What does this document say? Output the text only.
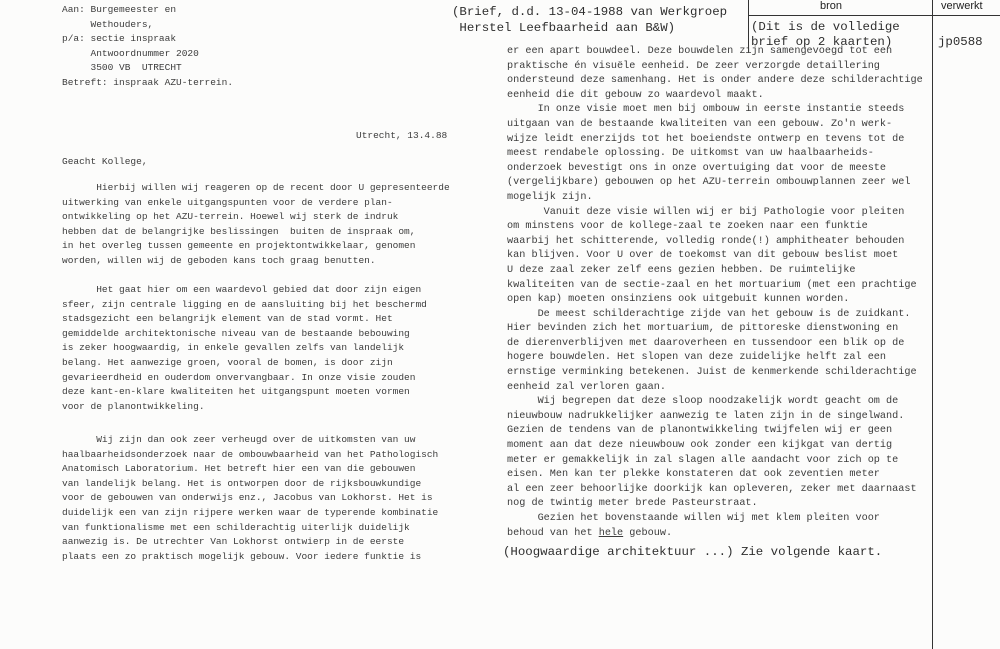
(Brief, d.d. 13-04-1988 van Werkgroep
Herstel Leefbaarheid aan B&W)
bron	verwerkt
(Dit is de volledige
brief op 2 kaarten)	jp0588
Aan: Burgemeester en
Wethouders,
p/a: sectie inspraak
Antwoordnummer 2020
3500 VB  UTRECHT
Betreft: inspraak AZU-terrein.
Utrecht, 13.4.88
Geacht Kollege,
Hierbij willen wij reageren op de recent door U gepresenteerde
uitwerking van enkele uitgangspunten voor de verdere plan-
ontwikkeling op het AZU-terrein. Hoewel wij sterk de indruk
hebben dat de belangrijke beslissingen  buiten de inspraak om,
in het overleg tussen gemeente en projektontwikkelaar, genomen
worden, willen wij de geboden kans toch graag benutten.
Het gaat hier om een waardevol gebied dat door zijn eigen
sfeer, zijn centrale ligging en de aansluiting bij het beschermd
stadsgezicht een belangrijk element van de stad vormt. Het
gemiddelde architektonische niveau van de bestaande bebouwing
is zeker hoogwaardig, in enkele gevallen zelfs van landelijk
belang. Het aanwezige groen, vooral de bomen, is door zijn
gevarieerdheid en ouderdom onvervangbaar. In onze visie zouden
deze kant-en-klare kwaliteiten het uitgangspunt moeten vormen
voor de planontwikkeling.
Wij zijn dan ook zeer verheugd over de uitkomsten van uw
haalbaarheidsonderzoek naar de ombouwbaarheid van het Pathologisch
Anatomisch Laboratorium. Het betreft hier een van die gebouwen
van landelijk belang. Het is ontworpen door de rijksbouwkundige
voor de gebouwen van onderwijs enz., Jacobus van Lokhorst. Het is
duidelijk een van zijn rijpere werken waar de typerende kombinatie
van funktionalisme met een schilderachtig uiterlijk duidelijk
aanwezig is. De utrechter Van Lokhorst ontwierp in de eerste
plaats een zo praktisch mogelijk gebouw. Voor iedere funktie is
er een apart bouwdeel. Deze bouwdelen zijn samengevoegd tot een
praktische én visuële eenheid. De zeer verzorgde detaillering
ondersteund deze samenhang. Het is onder andere deze schilderachtige
eenheid die dit gebouw zo waardevol maakt.
In onze visie moet men bij ombouw in eerste instantie steeds
uitgaan van de bestaande kwaliteiten van een gebouw. Zo'n werk-
wijze leidt enerzijds tot het boeiendste ontwerp en tevens tot de
meest rendabele oplossing. De uitkomst van uw haalbaarheids-
onderzoek bevestigt ons in onze overtuiging dat voor de meeste
(vergelijkbare) gebouwen op het AZU-terrein ombouwplannen zeer wel
mogelijk zijn.
Vanuit deze visie willen wij er bij Pathologie voor pleiten
om minstens voor de kollege-zaal te zoeken naar een funktie
waarbij het schitterende, volledig ronde(!) amphitheater behouden
kan blijven. Voor U over de toekomst van dit gebouw beslist moet
U deze zaal zeker zelf eens gezien hebben. De ruimtelijke
kwaliteiten van de sectie-zaal en het mortuarium (met een prachtige
open kap) moeten onsinziens ook uitgebuit kunnen worden.
De meest schilderachtige zijde van het gebouw is de zuidkant.
Hier bevinden zich het mortuarium, de pittoreske dienstwoning en
de dierenverblijven met daaroverheen en tussendoor een blik op de
hogere bouwdelen. Het slopen van deze zuidelijke helft zal een
ernstige verminking betekenen. Juist de kenmerkende schilderachtige
eenheid zal verloren gaan.
Wij begrepen dat deze sloop noodzakelijk wordt geacht om de
nieuwbouw nadrukkelijker aanwezig te laten zijn in de singelwand.
Gezien de tendens van de planontwikkeling twijfelen wij er geen
moment aan dat deze nieuwbouw ook zonder een kijkgat van dertig
meter er gemakkelijk in zal slagen alle aandacht voor zich op te
eisen. Men kan ter plekke konstateren dat ook zeventien meter
al een zeer behoorlijke doorkijk kan opleveren, zeker met daarnaast
nog de twintig meter brede Pasteurstraat.
Gezien het bovenstaande willen wij met klem pleiten voor
behoud van het hele gebouw.
(Hoogwaardige architektuur ...) Zie volgende kaart.
